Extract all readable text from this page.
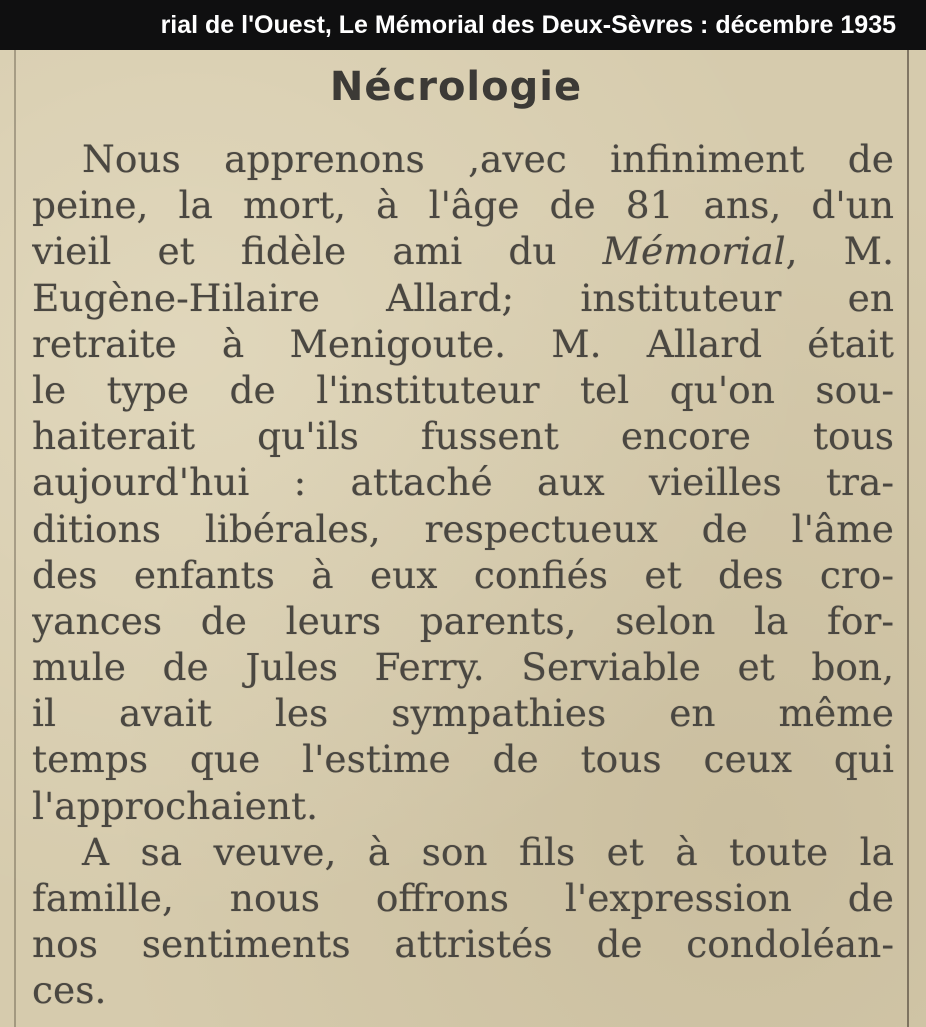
rial de l'Ouest, Le Mémorial des Deux-Sèvres : décembre 1935
Nécrologie
Nous apprenons ,avec infiniment de
peine, la mort, à l'âge de 81 ans, d'un
vieil et fidèle ami du Mémorial, M.
Eugène-Hilaire Allard; instituteur en
retraite à Menigoute. M. Allard était
le type de l'instituteur tel qu'on sou-
haiterait qu'ils fussent encore tous
aujourd'hui : attaché aux vieilles tra-
ditions libérales, respectueux de l'âme
des enfants à eux confiés et des cro-
yances de leurs parents, selon la for-
mule de Jules Ferry. Serviable et bon,
il avait les sympathies en même
temps que l'estime de tous ceux qui
l'approchaient.
A sa veuve, à son fils et à toute la
famille, nous offrons l'expression de
nos sentiments attristés de condoléan-
ces.
